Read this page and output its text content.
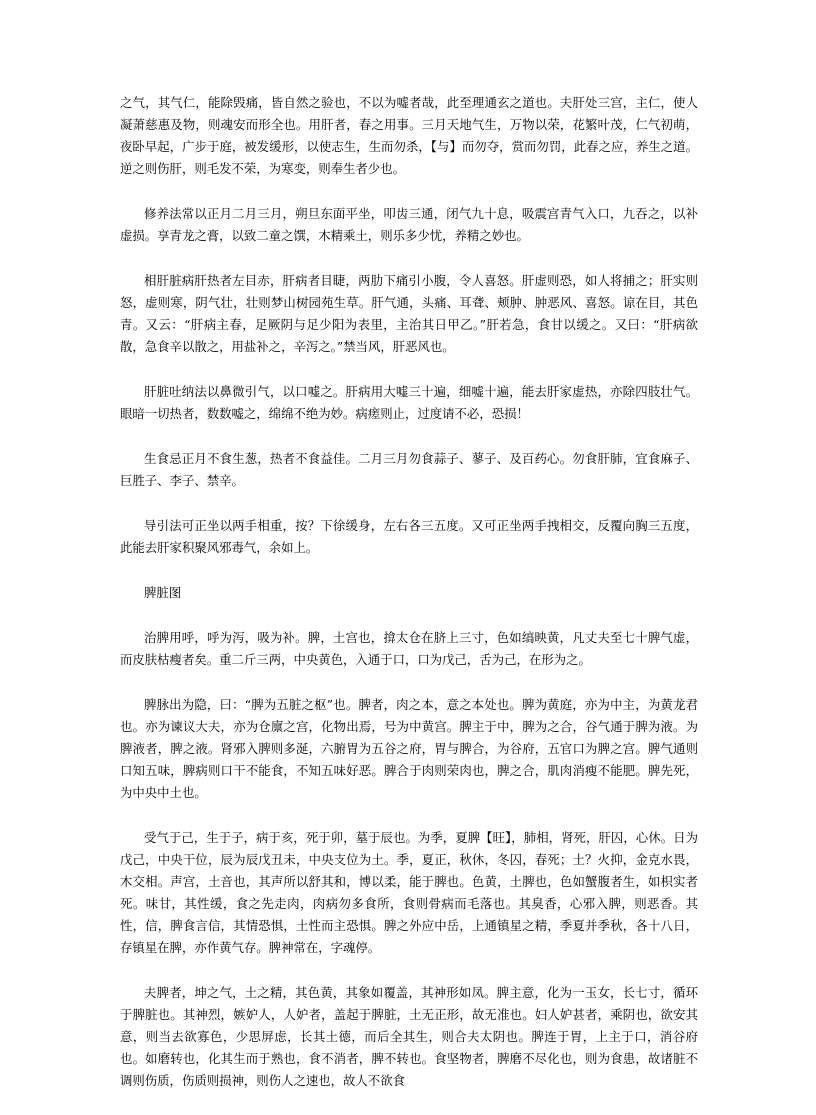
之气，其气仁，能除毁痛，皆自然之验也，不以为嘘者哉，此至理通玄之道也。夫肝处三宫，主仁，使人凝萧慈惠及物，则魂安而形全也。用肝者，春之用事。三月天地气生，万物以荣，花繁叶茂，仁气初萌，夜卧早起，广步于庭，被发缓形，以使志生，生而勿杀，【与】而勿夺，赏而勿罚，此春之应，养生之道。逆之则伤肝，则毛发不荣，为寒变，则奉生者少也。

修养法常以正月二月三月，朔旦东面平坐，叩齿三通，闭气九十息，吸震宫青气入口，九吞之，以补虚损。享青龙之膏，以致二童之馔，木精乘土，则乐多少忧，养精之妙也。

相肝脏病肝热者左目赤，肝病者目睫，两肋下痛引小腹，令人喜怒。肝虚则恐，如人将捕之；肝实则怒，虚则寒，阴气壮，壮则梦山树园苑生草。肝气通，头痛、耳聋、颊肿、肿恶风、喜怒。谅在目，其色青。又云：“肝病主春，足厥阴与足少阳为表里，主治其日甲乙。”肝若急，食甘以缓之。又曰：“肝病欲散，急食辛以散之，用盐补之，辛泻之。”禁当风，肝恶风也。

肝脏吐纳法以鼻微引气，以口嘘之。肝病用大嘘三十遍，细嘘十遍，能去肝家虚热，亦除四肢壮气。眼暗一切热者，数数嘘之，绵绵不绝为妙。病瘥则止，过度请不必，恐损！

生食忌正月不食生葱，热者不食益佳。二月三月勿食蒜子、蓼子、及百药心。勿食肝肺，宜食麻子、巨胜子、李子、禁辛。

导引法可正坐以两手相重，按？下徐缓身，左右各三五度。又可正坐两手拽相交，反覆向胸三五度，此能去肝家积聚风邪毒气，余如上。

脾脏图

治脾用呼，呼为泻，吸为补。脾，土宫也，揜太仓在脐上三寸，色如缟映黄，凡丈夫至七十脾气虚，而皮肤枯瘦者矣。重二斤三两，中央黄色，入通于口，口为戊己，舌为己，在形为之。

脾脉出为隐，曰：“脾为五脏之枢”也。脾者，肉之本，意之本处也。脾为黄庭，亦为中主，为黄龙君也。亦为谏议大夫，亦为仓廪之宫，化物出焉，号为中黄宫。脾主于中，脾为之合，谷气通于脾为液。为脾液者，脾之液。肾邪入脾则多涎，六腑胃为五谷之府，胃与脾合，为谷府，五官口为脾之宫。脾气通则口知五味，脾病则口干不能食，不知五味好恶。脾合于肉则荣肉也，脾之合，肌肉消瘦不能肥。脾先死，为中央中土也。

受气于己，生于子，病于亥，死于卯，墓于辰也。为季，夏脾【旺】，肺相，肾死，肝囚，心休。日为戊己，中央干位，辰为辰戊丑未，中央支位为土。季，夏正，秋休，冬囚，春死；土？火抑，金克水畏，木交相。声宫，土音也，其声所以舒其和，博以柔，能于脾也。色黄，土脾也，色如蟹腹者生，如枳实者死。味甘，其性缓，食之先走肉，肉病勿多食所，食则骨病而毛落也。其臭香，心邪入脾，则恶香。其性，信，脾食言信，其情恐惧，土性而主恐惧。脾之外应中岳，上通镇星之精，季夏并季秋，各十八日，存镇星在脾，亦作黄气存。脾神常在，字魂停。

夫脾者，坤之气，土之精，其色黄，其象如覆盖，其神形如凤。脾主意，化为一玉女，长七寸，循环于脾脏也。其神烈，嫉妒人，人妒者，盖起于脾脏，土无正形，故无准也。妇人妒甚者，乘阴也，欲安其意，则当去欲寡色，少思屏虑，长其土德，而后全其生，则合夫太阴也。脾连于胃，上主于口，消谷府也。如磨转也，化其生而于熟也，食不消者，脾不转也。食坚物者，脾磨不尽化也，则为食患，故诸脏不调则伤质，伤质则损神，则伤人之速也，故人不欲食
